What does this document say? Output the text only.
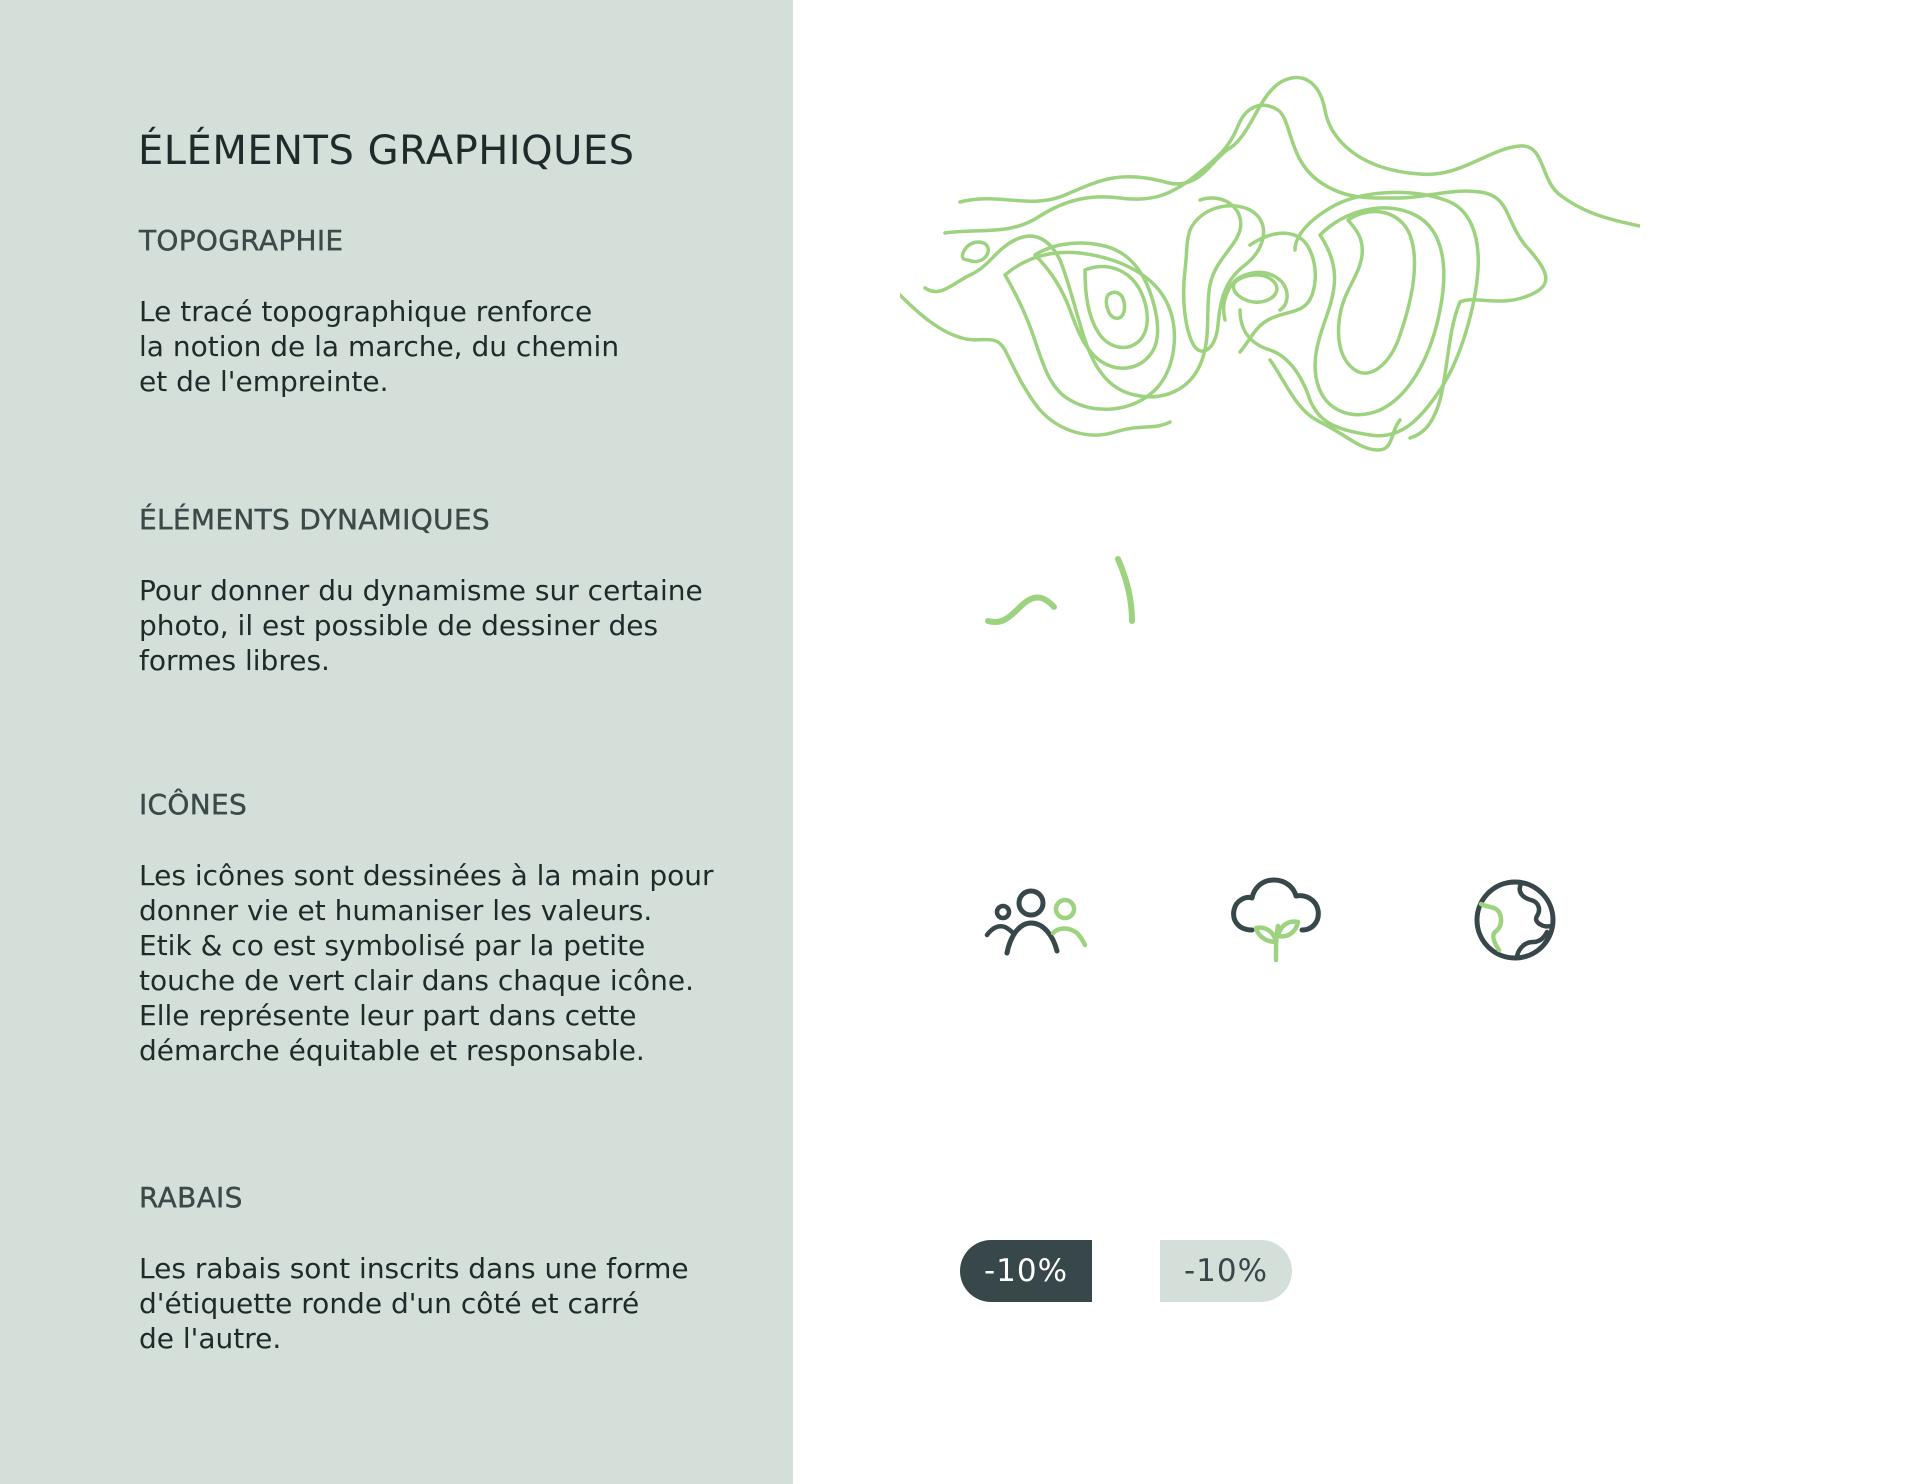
ÉLÉMENTS GRAPHIQUES
TOPOGRAPHIE

Le tracé topographique renforce
la notion de la marche, du chemin
et de l'empreinte.

ÉLÉMENTS DYNAMIQUES

Pour donner du dynamisme sur certaine
photo, il est possible de dessiner des
formes libres.

ICÔNES

Les icônes sont dessinées à la main pour
donner vie et humaniser les valeurs.
Etik & co est symbolisé par la petite
touche de vert clair dans chaque icône.
Elle représente leur part dans cette
démarche équitable et responsable.

RABAIS

Les rabais sont inscrits dans une forme
d'étiquette ronde d'un côté et carré
de l'autre.

-10%	-10%
